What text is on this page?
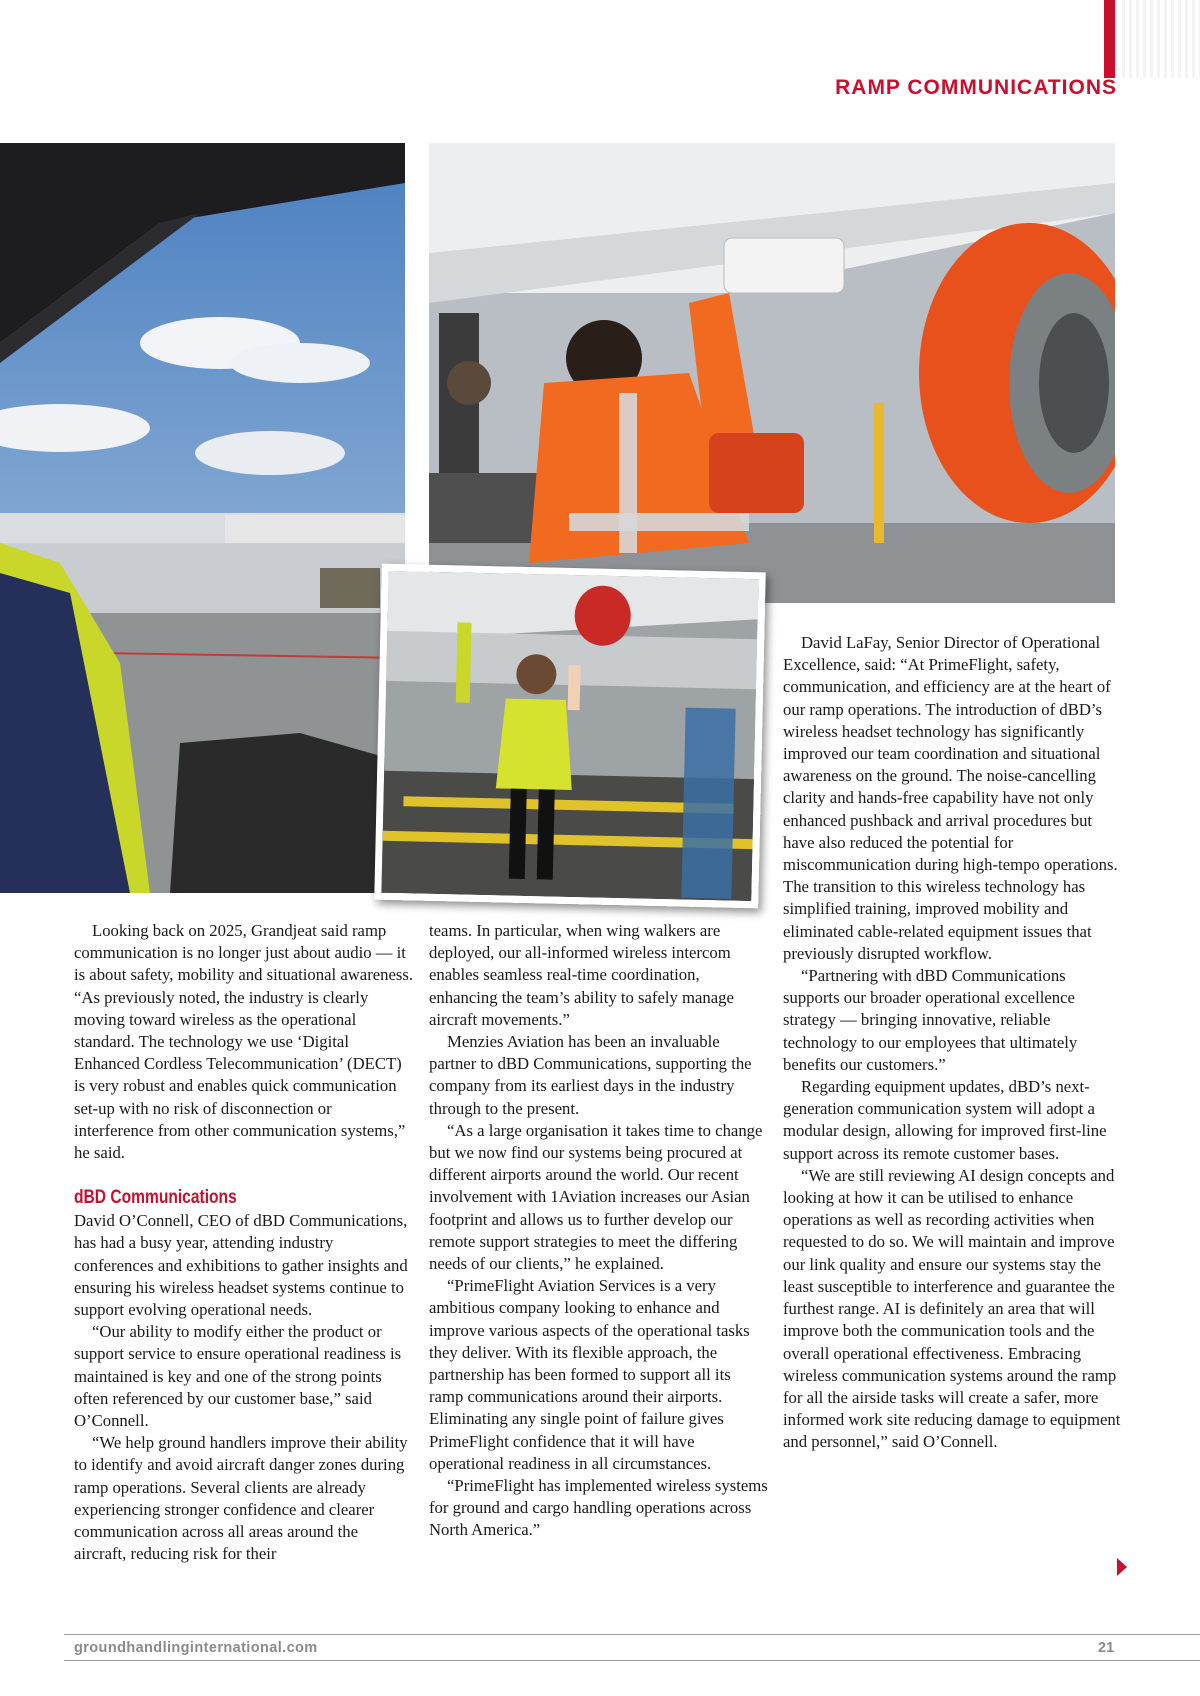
RAMP COMMUNICATIONS

Looking back on 2025, Grandjeat said ramp communication is no longer just about audio — it is about safety, mobility and situational awareness. “As previously noted, the industry is clearly moving toward wireless as the operational standard. The technology we use ‘Digital Enhanced Cordless Telecommunication’ (DECT) is very robust and enables quick communication set-up with no risk of disconnection or interference from other communication systems,” he said.

dBD Communications

David O’Connell, CEO of dBD Communications, has had a busy year, attending industry conferences and exhibitions to gather insights and ensuring his wireless headset systems continue to support evolving operational needs.

“Our ability to modify either the product or support service to ensure operational readiness is maintained is key and one of the strong points often referenced by our customer base,” said O’Connell.

“We help ground handlers improve their ability to identify and avoid aircraft danger zones during ramp operations. Several clients are already experiencing stronger confidence and clearer communication across all areas around the aircraft, reducing risk for their

teams. In particular, when wing walkers are deployed, our all-informed wireless intercom enables seamless real-time coordination, enhancing the team’s ability to safely manage aircraft movements.”

Menzies Aviation has been an invaluable partner to dBD Communications, supporting the company from its earliest days in the industry through to the present.

“As a large organisation it takes time to change but we now find our systems being procured at different airports around the world. Our recent involvement with 1Aviation increases our Asian footprint and allows us to further develop our remote support strategies to meet the differing needs of our clients,” he explained.

“PrimeFlight Aviation Services is a very ambitious company looking to enhance and improve various aspects of the operational tasks they deliver. With its flexible approach, the partnership has been formed to support all its ramp communications around their airports. Eliminating any single point of failure gives PrimeFlight confidence that it will have operational readiness in all circumstances.

“PrimeFlight has implemented wireless systems for ground and cargo handling operations across North America.”

David LaFay, Senior Director of Operational Excellence, said: “At PrimeFlight, safety, communication, and efficiency are at the heart of our ramp operations. The introduction of dBD’s wireless headset technology has significantly improved our team coordination and situational awareness on the ground. The noise-cancelling clarity and hands-free capability have not only enhanced pushback and arrival procedures but have also reduced the potential for miscommunication during high-tempo operations. The transition to this wireless technology has simplified training, improved mobility and eliminated cable-related equipment issues that previously disrupted workflow.

“Partnering with dBD Communications supports our broader operational excellence strategy — bringing innovative, reliable technology to our employees that ultimately benefits our customers.”

Regarding equipment updates, dBD’s next-generation communication system will adopt a modular design, allowing for improved first-line support across its remote customer bases.

“We are still reviewing AI design concepts and looking at how it can be utilised to enhance operations as well as recording activities when requested to do so. We will maintain and improve our link quality and ensure our systems stay the least susceptible to interference and guarantee the furthest range. AI is definitely an area that will improve both the communication tools and the overall operational effectiveness. Embracing wireless communication systems around the ramp for all the airside tasks will create a safer, more informed work site reducing damage to equipment and personnel,” said O’Connell.

groundhandlinginternational.com	21
